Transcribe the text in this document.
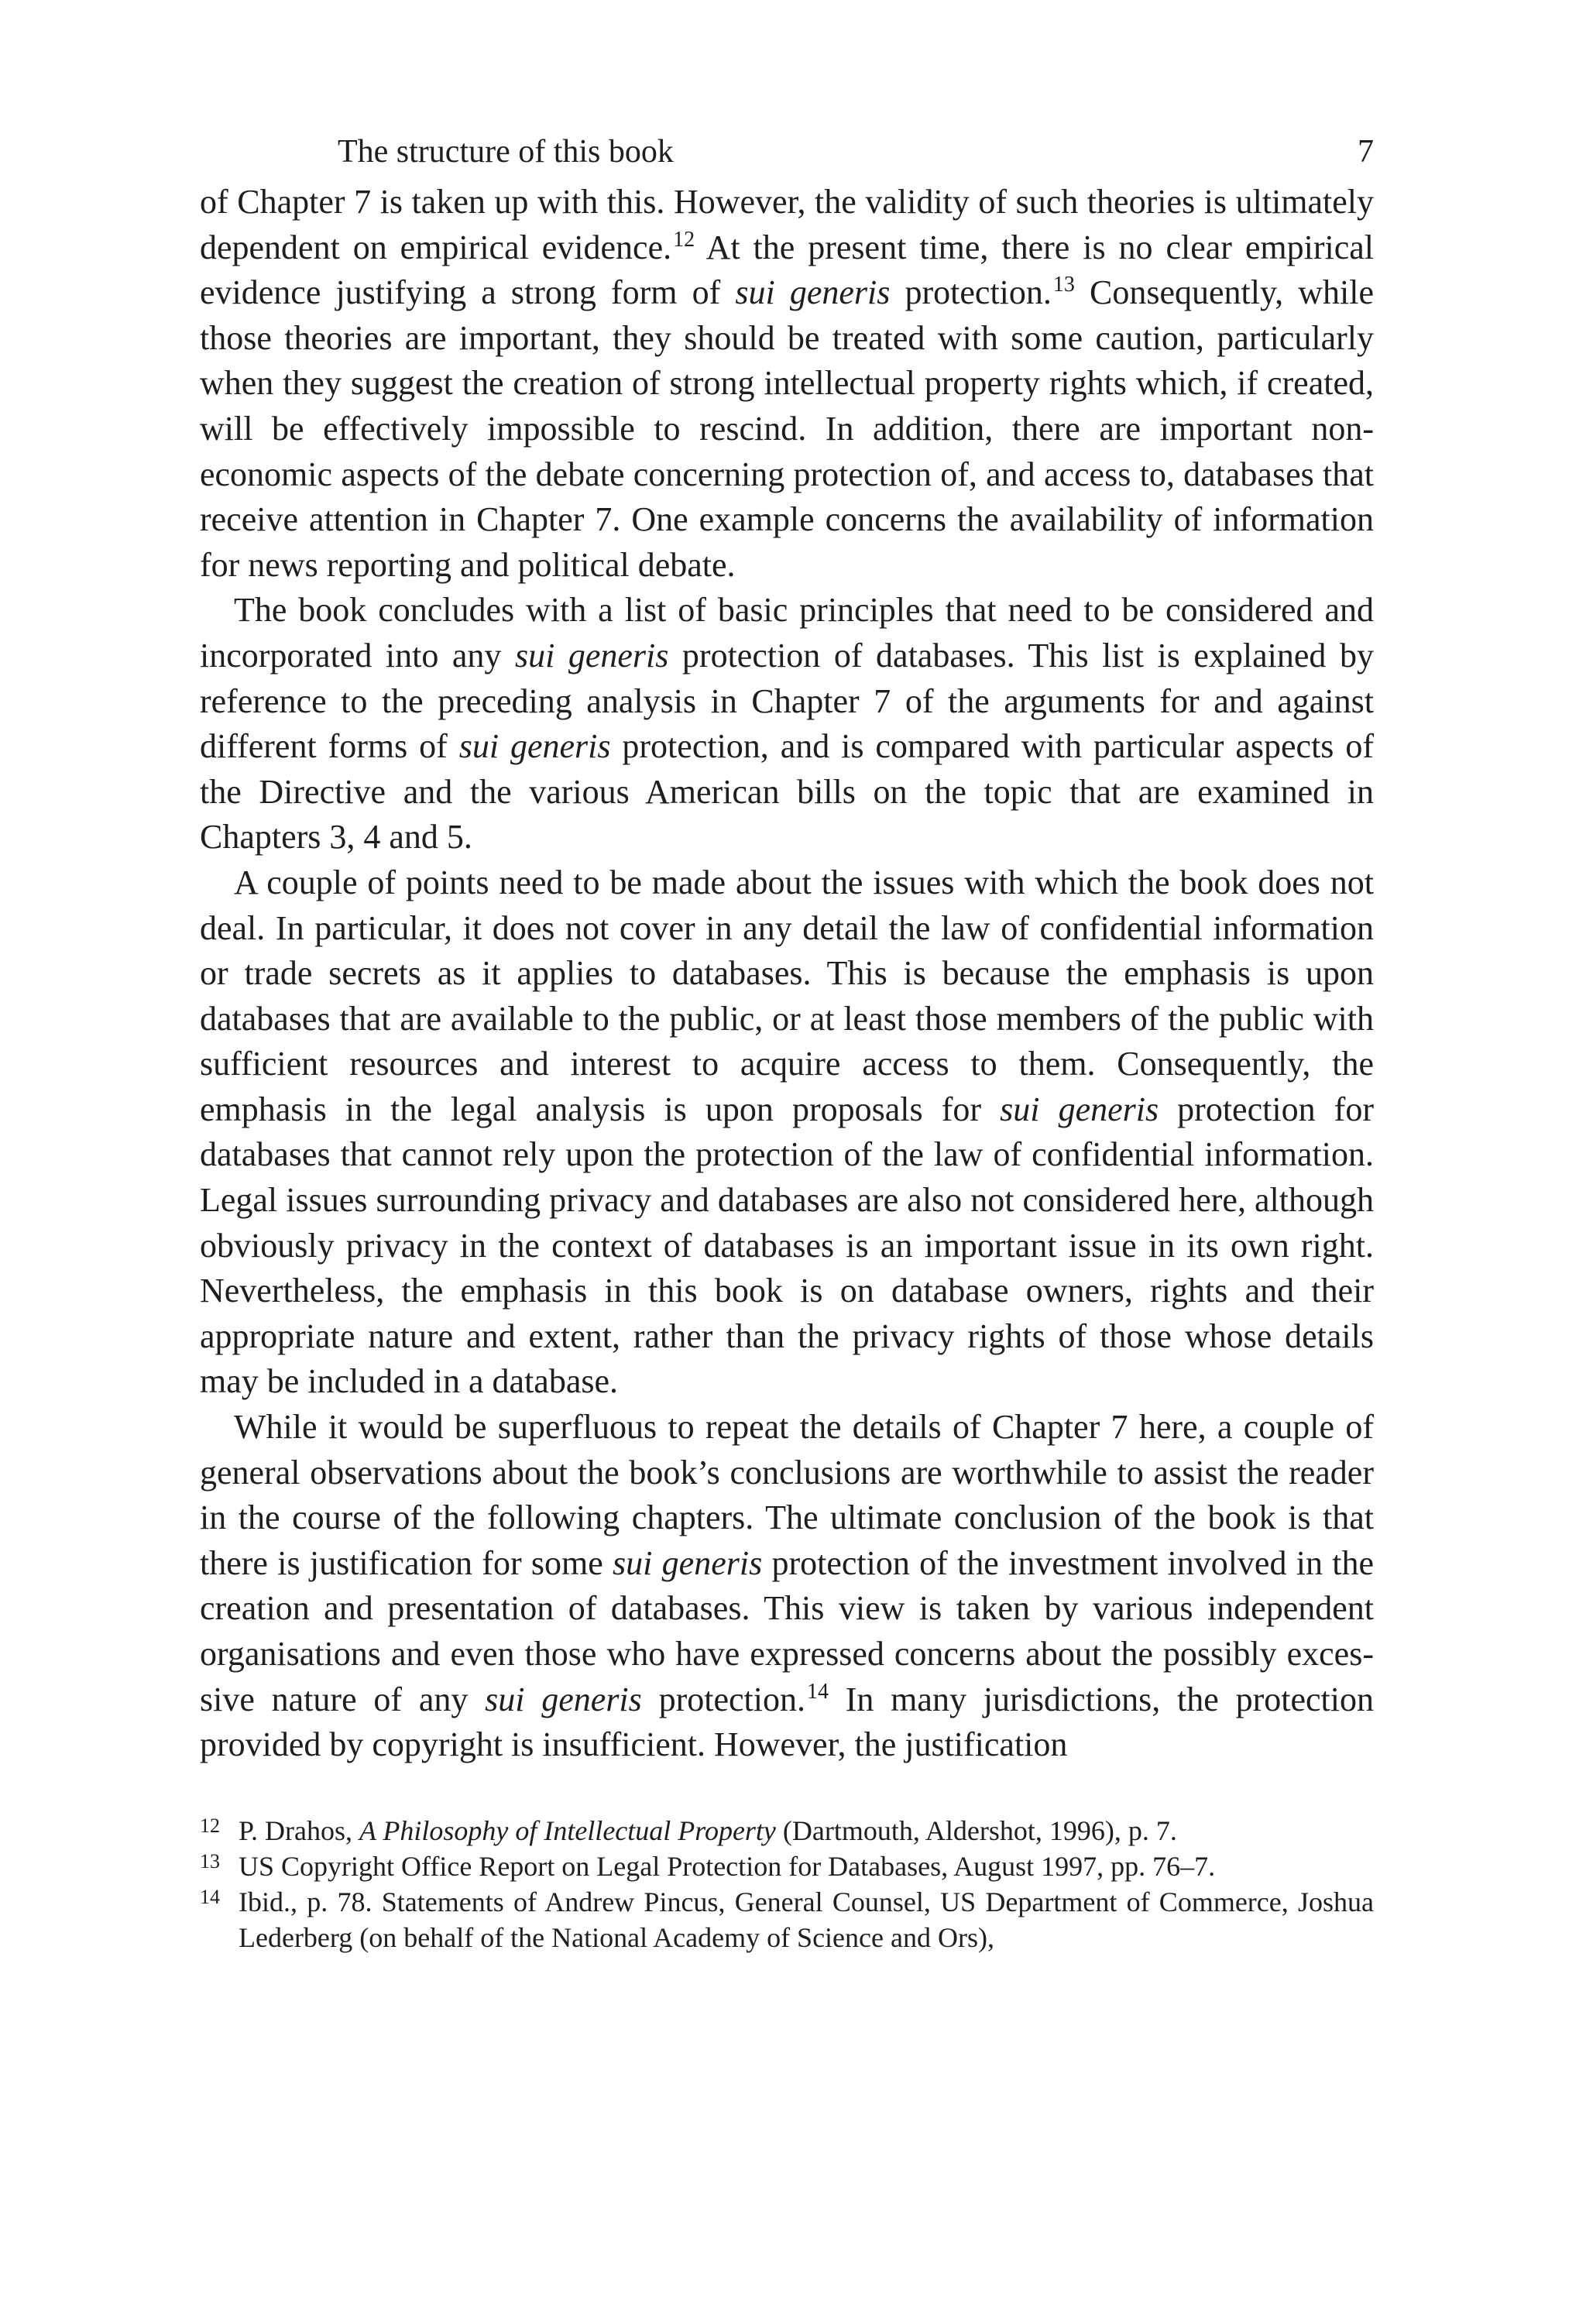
The structure of this book	7

of Chapter 7 is taken up with this. However, the validity of such theories is ultimately dependent on empirical evidence.$^{12}$ At the present time, there is no clear empirical evidence justifying a strong form of sui generis protection.$^{13}$ Consequently, while those theories are important, they should be treated with some caution, particularly when they suggest the creation of strong intellectual property rights which, if created, will be effectively impossible to rescind. In addition, there are important non-economic aspects of the debate concerning protection of, and access to, databases that receive attention in Chapter 7. One example concerns the availability of information for news reporting and political debate.

The book concludes with a list of basic principles that need to be considered and incorporated into any sui generis protection of databases. This list is explained by reference to the preceding analysis in Chapter 7 of the arguments for and against different forms of sui generis protection, and is compared with particular aspects of the Directive and the various American bills on the topic that are examined in Chapters 3, 4 and 5.

A couple of points need to be made about the issues with which the book does not deal. In particular, it does not cover in any detail the law of confidential information or trade secrets as it applies to databases. This is because the emphasis is upon databases that are available to the public, or at least those members of the public with sufficient resources and interest to acquire access to them. Consequently, the emphasis in the legal analysis is upon proposals for sui generis protection for databases that cannot rely upon the protection of the law of confidential information. Legal issues surrounding privacy and databases are also not considered here, although obviously privacy in the context of databases is an important issue in its own right. Nevertheless, the emphasis in this book is on database owners, rights and their appropriate nature and extent, rather than the privacy rights of those whose details may be included in a database.

While it would be superfluous to repeat the details of Chapter 7 here, a couple of general observations about the book’s conclusions are worthwhile to assist the reader in the course of the following chapters. The ultimate conclusion of the book is that there is justification for some sui generis protection of the investment involved in the creation and presentation of databases. This view is taken by various independent organisations and even those who have expressed concerns about the possibly excessive nature of any sui generis protection.$^{14}$ In many jurisdictions, the protection provided by copyright is insufficient. However, the justification

12 P. Drahos, A Philosophy of Intellectual Property (Dartmouth, Aldershot, 1996), p. 7.
13 US Copyright Office Report on Legal Protection for Databases, August 1997, pp. 76–7.
14 Ibid., p. 78. Statements of Andrew Pincus, General Counsel, US Department of Commerce, Joshua Lederberg (on behalf of the National Academy of Science and Ors),
